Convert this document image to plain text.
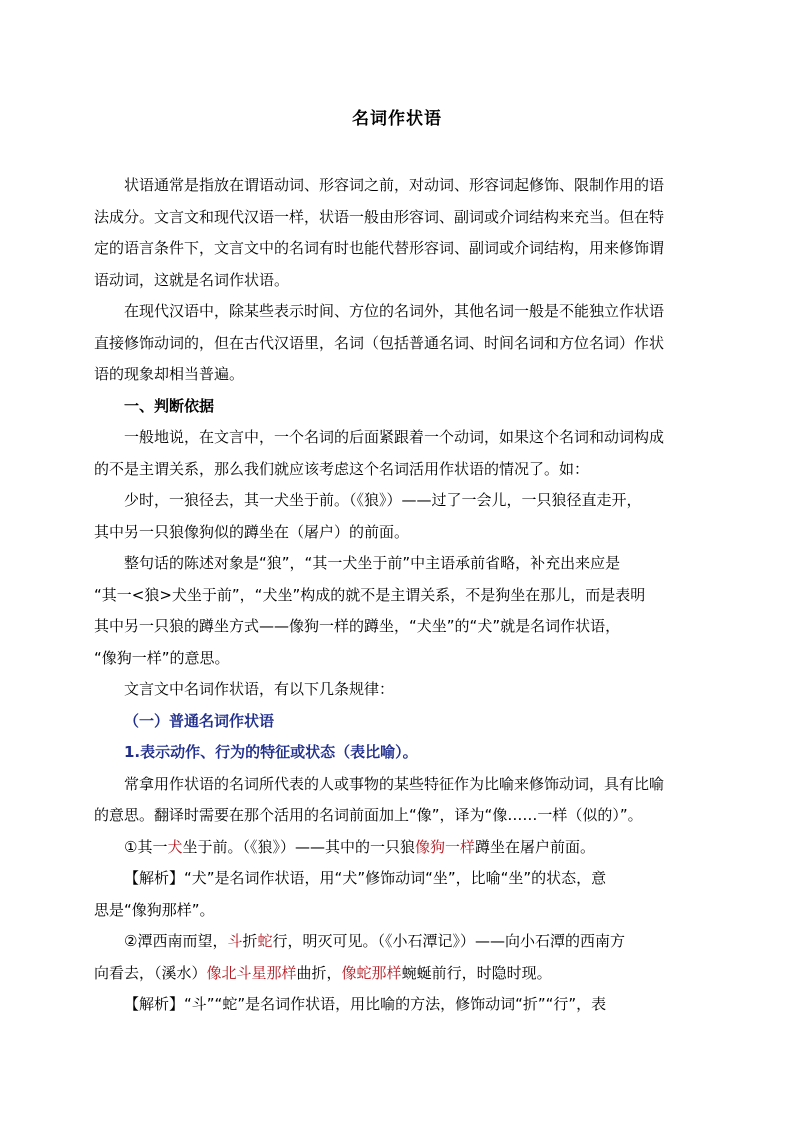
名词作状语
状语通常是指放在谓语动词、形容词之前，对动词、形容词起修饰、限制作用的语
法成分。文言文和现代汉语一样，状语一般由形容词、副词或介词结构来充当。但在特
定的语言条件下，文言文中的名词有时也能代替形容词、副词或介词结构，用来修饰谓
语动词，这就是名词作状语。
在现代汉语中，除某些表示时间、方位的名词外，其他名词一般是不能独立作状语
直接修饰动词的，但在古代汉语里，名词（包括普通名词、时间名词和方位名词）作状
语的现象却相当普遍。
一、判断依据
一般地说，在文言中，一个名词的后面紧跟着一个动词，如果这个名词和动词构成
的不是主谓关系，那么我们就应该考虑这个名词活用作状语的情况了。如：
少时，一狼径去，其一犬坐于前。（《狼》）——过了一会儿，一只狼径直走开，
其中另一只狼像狗似的蹲坐在（屠户）的前面。
整句话的陈述对象是“狼”，“其一犬坐于前”中主语承前省略，补充出来应是
“其一<狼>犬坐于前”，“犬坐”构成的就不是主谓关系，不是狗坐在那儿，而是表明
其中另一只狼的蹲坐方式——像狗一样的蹲坐，“犬坐”的“犬”就是名词作状语，
“像狗一样”的意思。
文言文中名词作状语，有以下几条规律：
（一）普通名词作状语
1.表示动作、行为的特征或状态（表比喻）。
常拿用作状语的名词所代表的人或事物的某些特征作为比喻来修饰动词，具有比喻
的意思。翻译时需要在那个活用的名词前面加上“像”，译为“像……一样（似的）”。
①其一犬坐于前。（《狼》）——其中的一只狼像狗一样蹲坐在屠户前面。
【解析】“犬”是名词作状语，用“犬”修饰动词“坐”，比喻“坐”的状态，意
思是“像狗那样”。
②潭西南而望，斗折蛇行，明灭可见。（《小石潭记》）——向小石潭的西南方
向看去，（溪水）像北斗星那样曲折，像蛇那样蜿蜒前行，时隐时现。
【解析】“斗”“蛇”是名词作状语，用比喻的方法，修饰动词“折”“行”，表
